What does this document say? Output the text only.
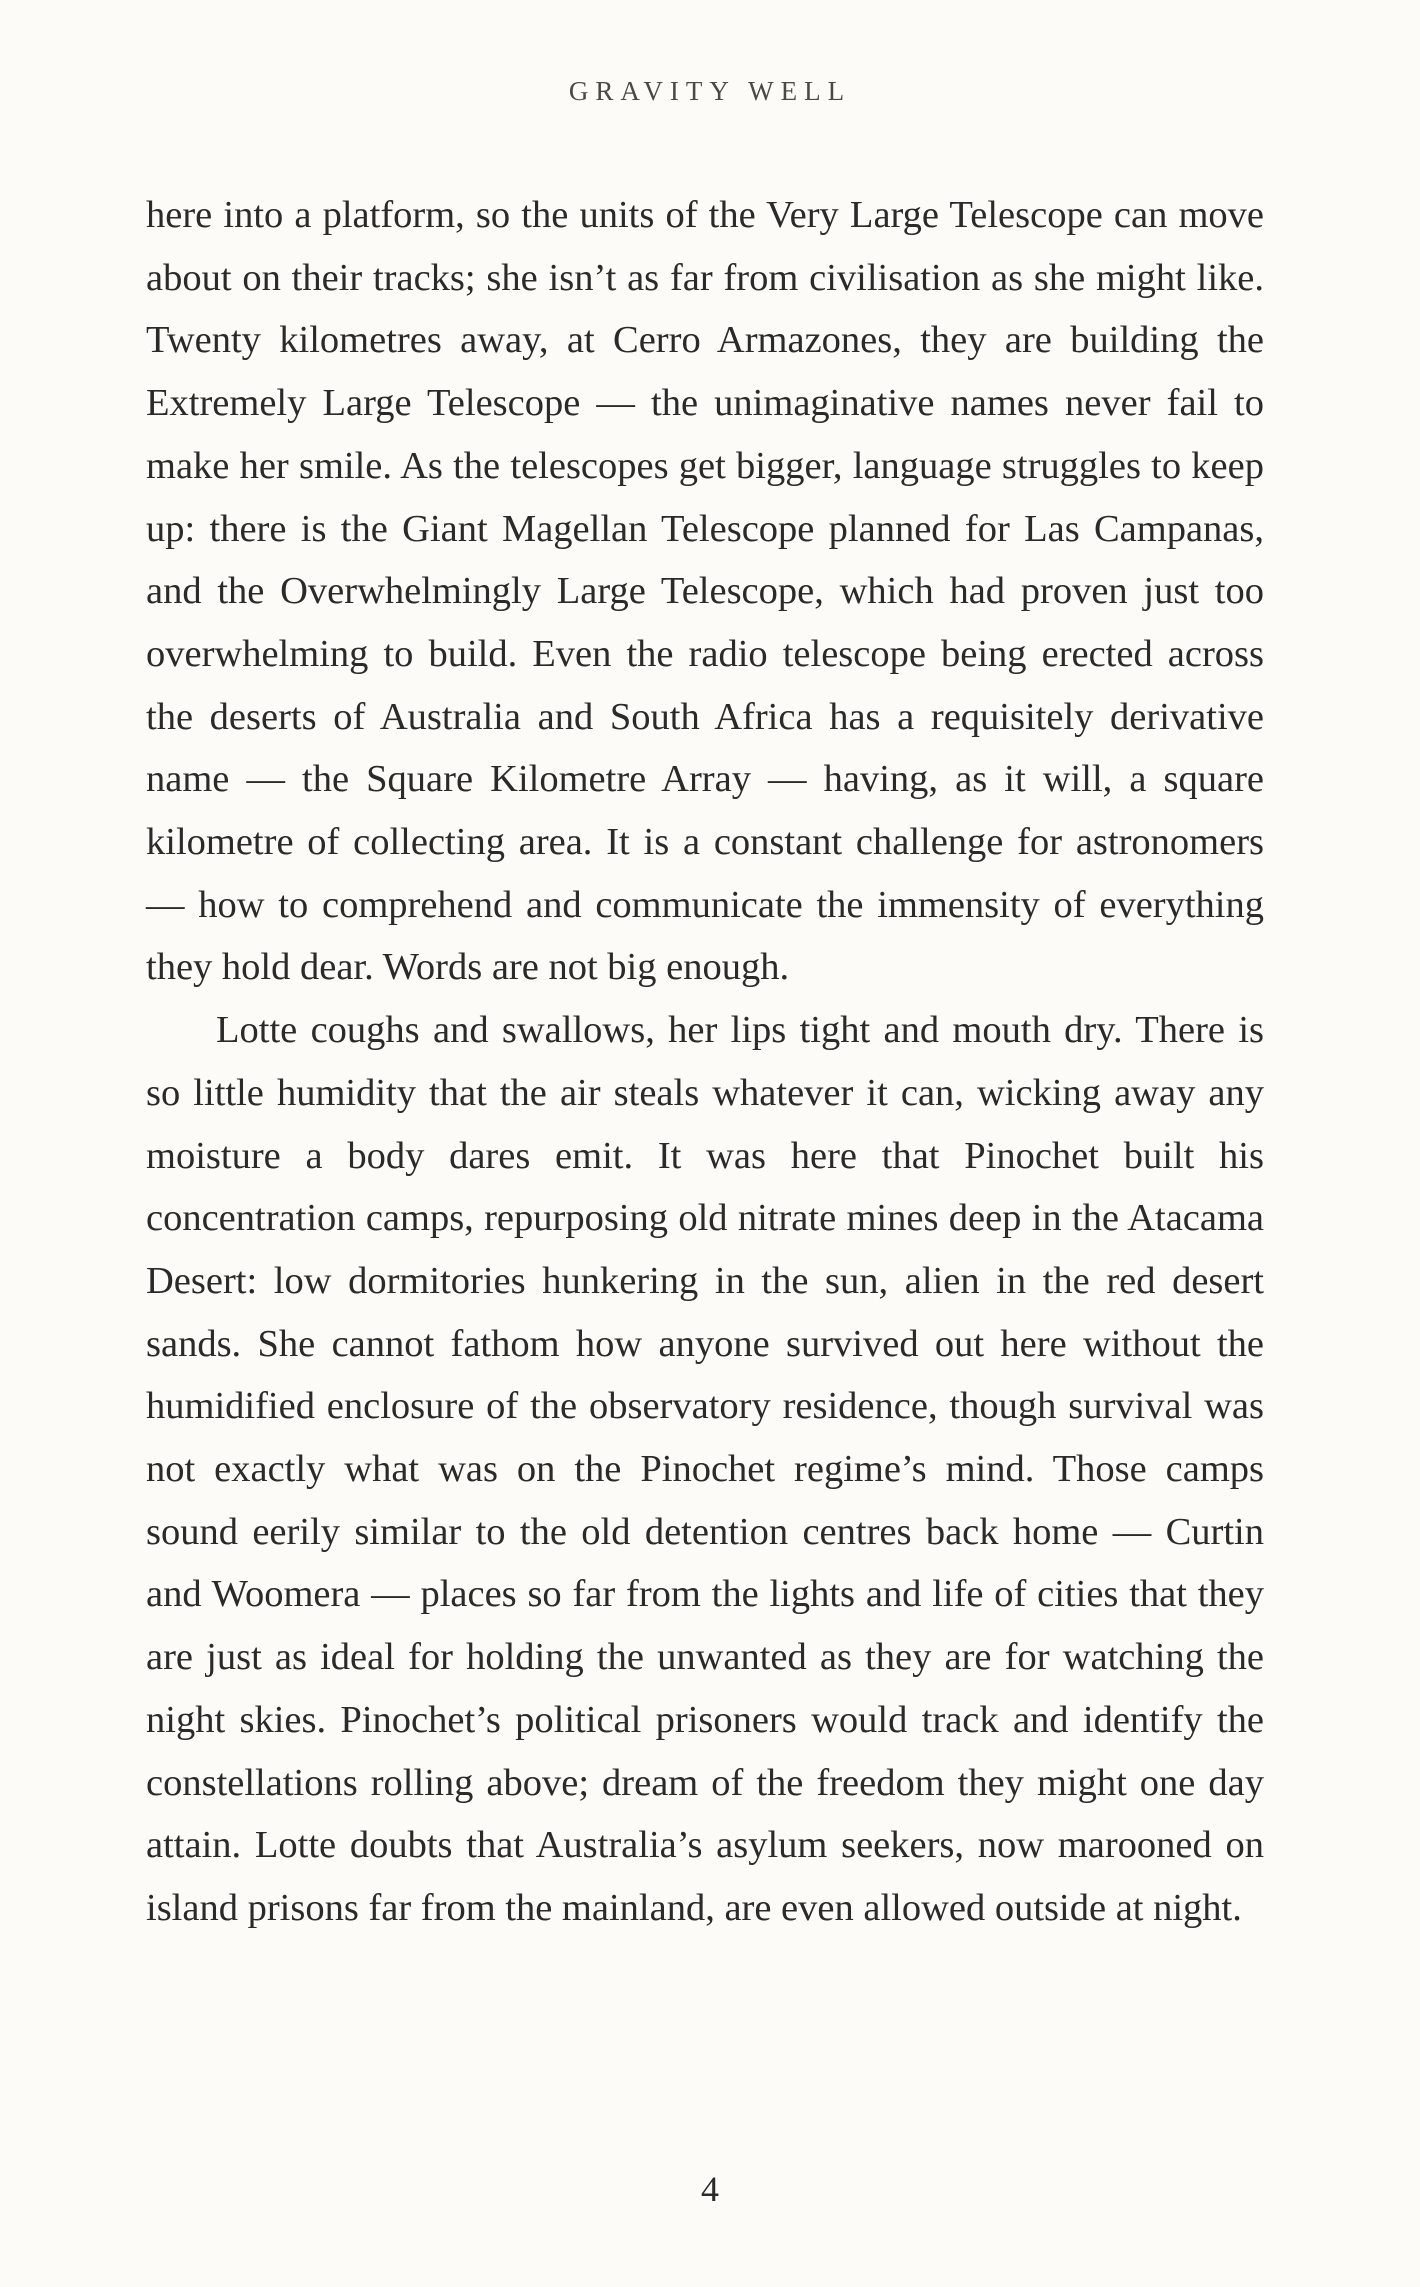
GRAVITY WELL

here into a platform, so the units of the Very Large Telescope can move about on their tracks; she isn’t as far from civilisation as she might like. Twenty kilometres away, at Cerro Armazones, they are building the Extremely Large Telescope — the unimaginative names never fail to make her smile. As the telescopes get bigger, language struggles to keep up: there is the Giant Magellan Telescope planned for Las Campanas, and the Overwhelmingly Large Telescope, which had proven just too overwhelming to build. Even the radio telescope being erected across the deserts of Australia and South Africa has a requisitely derivative name — the Square Kilometre Array — having, as it will, a square kilometre of collecting area. It is a constant challenge for astronomers — how to comprehend and communicate the immensity of everything they hold dear. Words are not big enough.

Lotte coughs and swallows, her lips tight and mouth dry. There is so little humidity that the air steals whatever it can, wicking away any moisture a body dares emit. It was here that Pinochet built his concentration camps, repurposing old nitrate mines deep in the Atacama Desert: low dormitories hunkering in the sun, alien in the red desert sands. She cannot fathom how anyone survived out here without the humidified enclosure of the observatory residence, though survival was not exactly what was on the Pinochet regime’s mind. Those camps sound eerily similar to the old detention centres back home — Curtin and Woomera — places so far from the lights and life of cities that they are just as ideal for holding the unwanted as they are for watching the night skies. Pinochet’s political prisoners would track and identify the constellations rolling above; dream of the freedom they might one day attain. Lotte doubts that Australia’s asylum seekers, now marooned on island prisons far from the mainland, are even allowed outside at night.

4
